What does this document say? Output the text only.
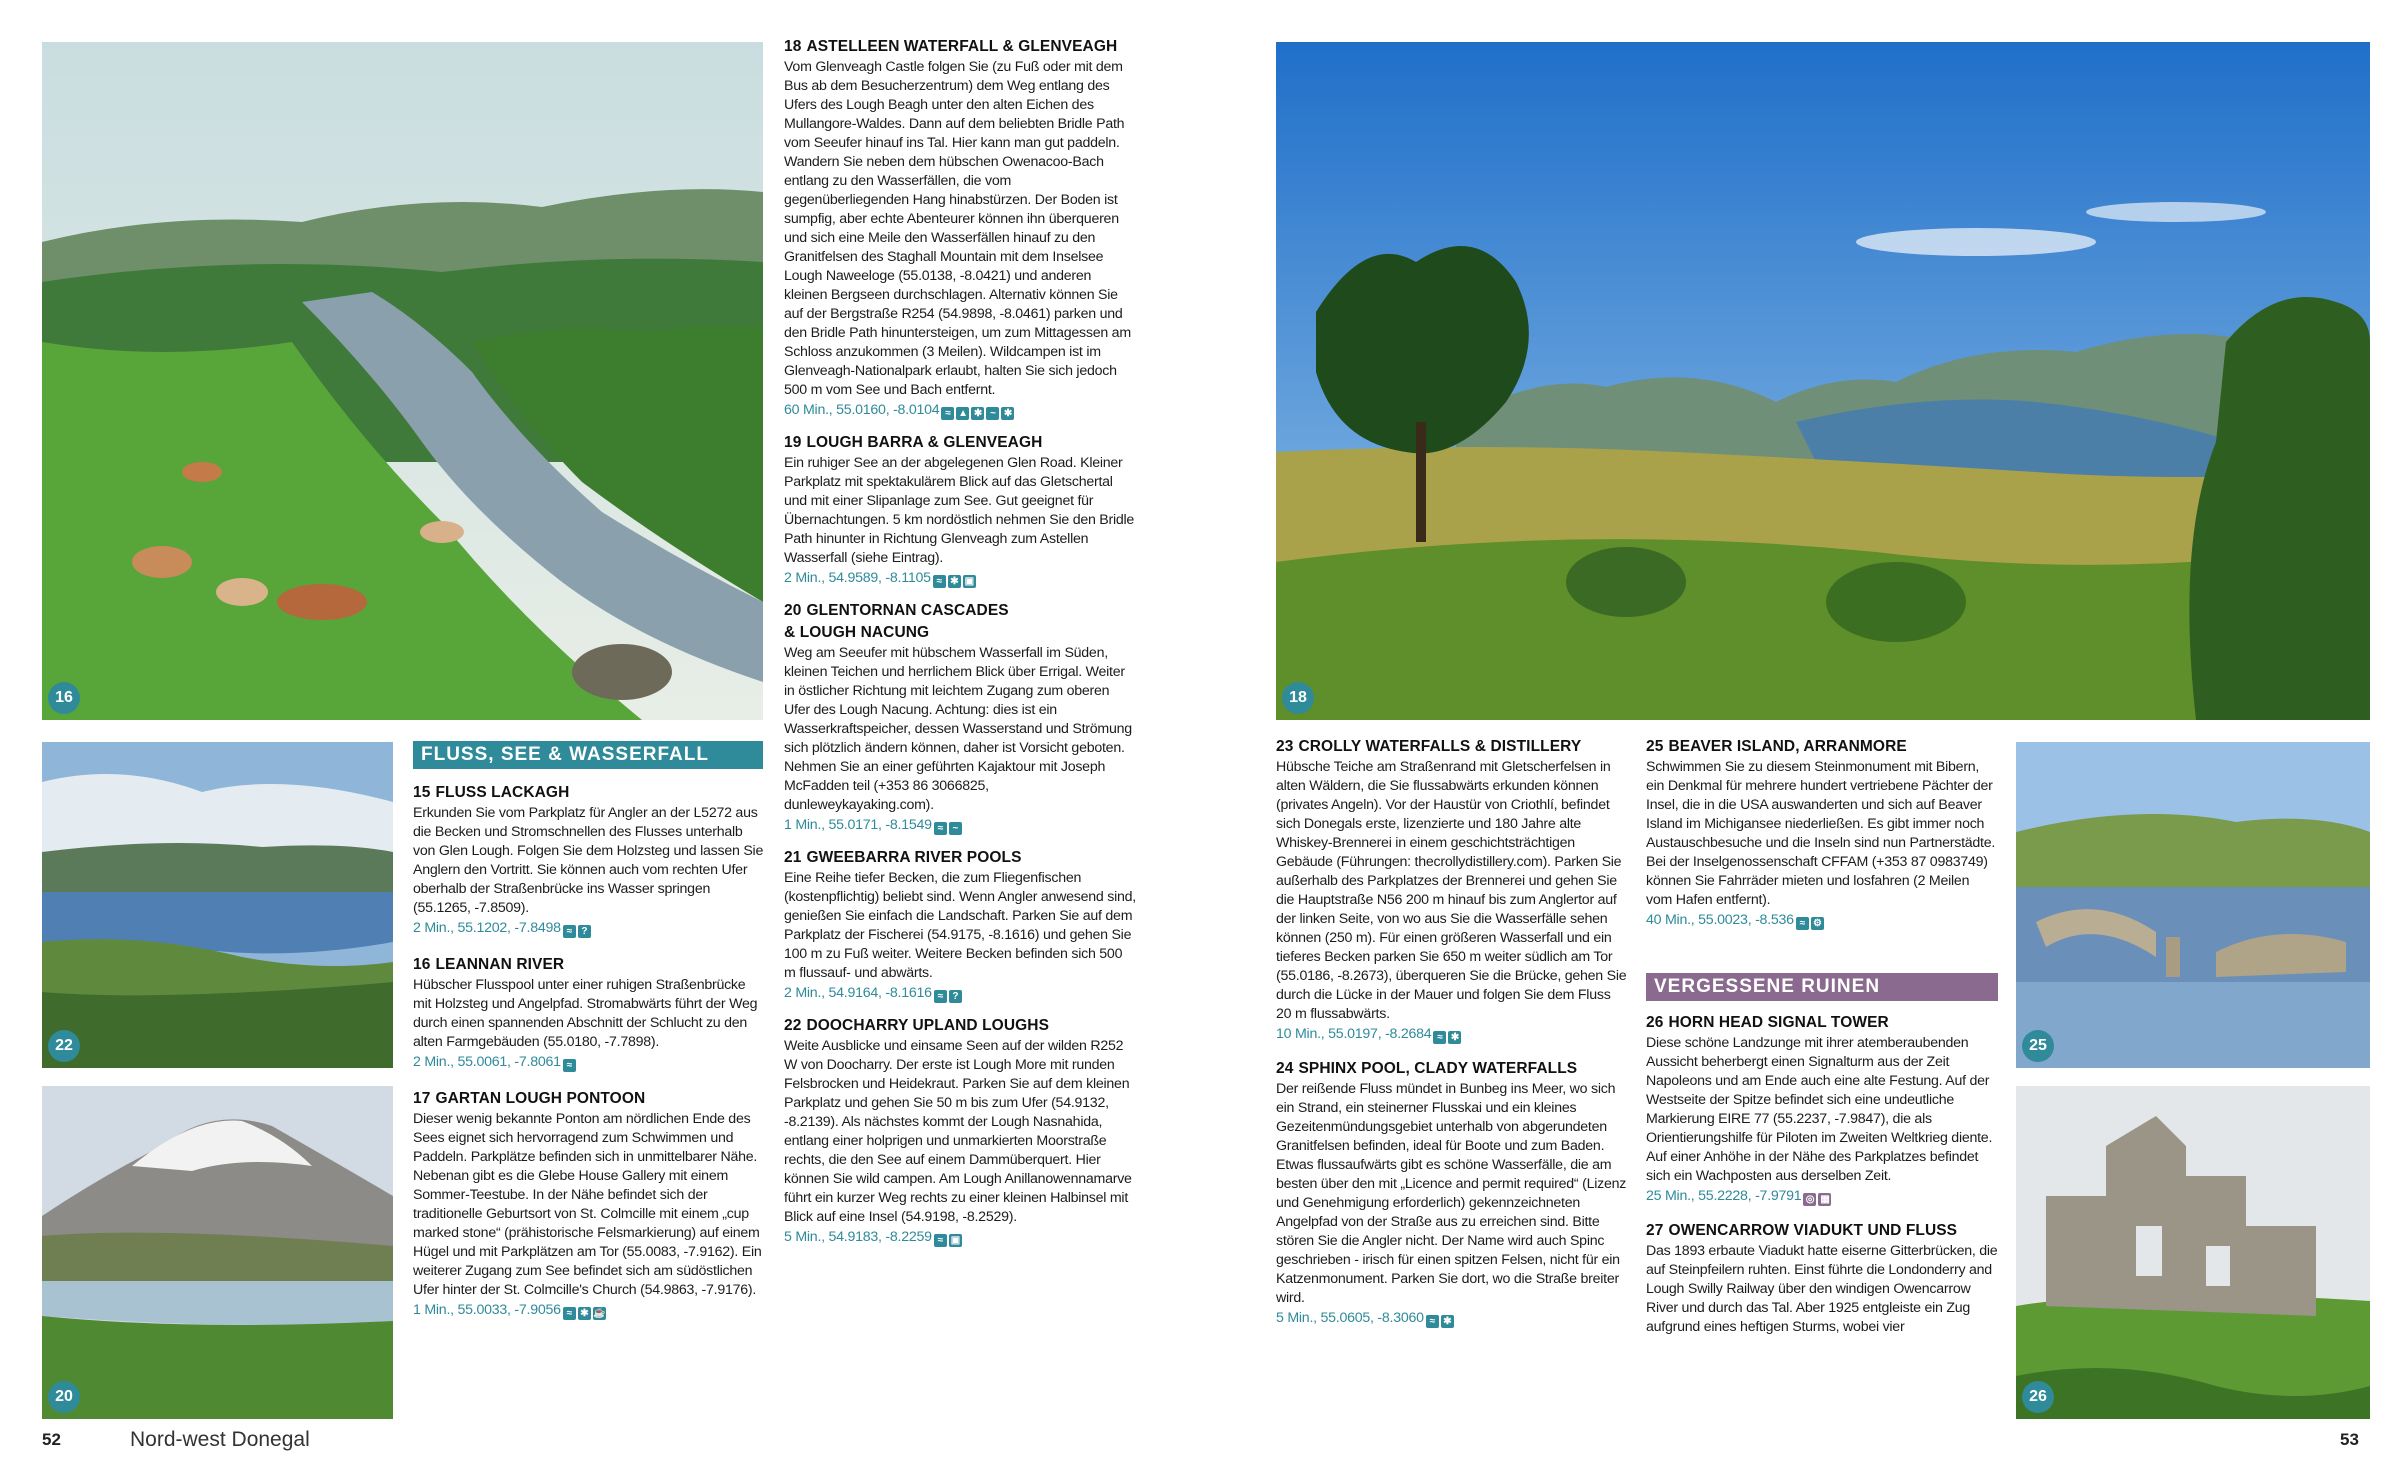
16
22
20
18
25
26
FLUSS, SEE & WASSERFALL
VERGESSENE RUINEN
15 FLUSS LACKAGH
Erkunden Sie vom Parkplatz für Angler an der L5272 aus die Becken und Stromschnellen des Flusses unterhalb von Glen Lough. Folgen Sie dem Holzsteg und lassen Sie Anglern den Vortritt. Sie können auch vom rechten Ufer oberhalb der Straßenbrücke ins Wasser springen (55.1265, -7.8509).
2 Min., 55.1202, -7.8498 ≈ ?
16 LEANNAN RIVER
Hübscher Flusspool unter einer ruhigen Straßenbrücke mit Holzsteg und Angelpfad. Stromabwärts führt der Weg durch einen spannenden Abschnitt der Schlucht zu den alten Farmgebäuden (55.0180, -7.7898).
2 Min., 55.0061, -7.8061 ≈
17 GARTAN LOUGH PONTOON
Dieser wenig bekannte Ponton am nördlichen Ende des Sees eignet sich hervorragend zum Schwimmen und Paddeln. Parkplätze befinden sich in unmittelbarer Nähe. Nebenan gibt es die Glebe House Gallery mit einem Sommer-Teestube. In der Nähe befindet sich der traditionelle Geburtsort von St. Colmcille mit einem „cup marked stone“ (prähistorische Felsmarkierung) auf einem Hügel und mit Parkplätzen am Tor (55.0083, -7.9162). Ein weiterer Zugang zum See befindet sich am südöstlichen Ufer hinter der St. Colmcille's Church (54.9863, -7.9176).
1 Min., 55.0033, -7.9056 ≈ ✱ ☕
18 ASTELLEEN WATERFALL & GLENVEAGH
Vom Glenveagh Castle folgen Sie (zu Fuß oder mit dem Bus ab dem Besucherzentrum) dem Weg entlang des Ufers des Lough Beagh unter den alten Eichen des Mullangore-Waldes. Dann auf dem beliebten Bridle Path vom Seeufer hinauf ins Tal. Hier kann man gut paddeln. Wandern Sie neben dem hübschen Owenacoo-Bach entlang zu den Wasserfällen, die vom gegenüberliegenden Hang hinabstürzen. Der Boden ist sumpfig, aber echte Abenteurer können ihn überqueren und sich eine Meile den Wasserfällen hinauf zu den Granitfelsen des Staghall Mountain mit dem Inselsee Lough Naweeloge (55.0138, -8.0421) und anderen kleinen Bergseen durchschlagen. Alternativ können Sie auf der Bergstraße R254 (54.9898, -8.0461) parken und den Bridle Path hinuntersteigen, um zum Mittagessen am Schloss anzukommen (3 Meilen). Wildcampen ist im Glenveagh-Nationalpark erlaubt, halten Sie sich jedoch 500 m vom See und Bach entfernt.
60 Min., 55.0160, -8.0104 ≈ ▲ ✱ ~ ✱
19 LOUGH BARRA & GLENVEAGH
Ein ruhiger See an der abgelegenen Glen Road. Kleiner Parkplatz mit spektakulärem Blick auf das Gletschertal und mit einer Slipanlage zum See. Gut geeignet für Übernachtungen. 5 km nordöstlich nehmen Sie den Bridle Path hinunter in Richtung Glenveagh zum Astellen Wasserfall (siehe Eintrag).
2 Min., 54.9589, -8.1105 ≈ ✱ ▣
20 GLENTORNAN CASCADES
& LOUGH NACUNG
Weg am Seeufer mit hübschem Wasserfall im Süden, kleinen Teichen und herrlichem Blick über Errigal. Weiter in östlicher Richtung mit leichtem Zugang zum oberen Ufer des Lough Nacung. Achtung: dies ist ein Wasserkraftspeicher, dessen Wasserstand und Strömung sich plötzlich ändern können, daher ist Vorsicht geboten. Nehmen Sie an einer geführten Kajaktour mit Joseph McFadden teil (+353 86 3066825, dunleweykayaking.com).
1 Min., 55.0171, -8.1549 ≈ ~
21 GWEEBARRA RIVER POOLS
Eine Reihe tiefer Becken, die zum Fliegenfischen (kostenpflichtig) beliebt sind. Wenn Angler anwesend sind, genießen Sie einfach die Landschaft. Parken Sie auf dem Parkplatz der Fischerei (54.9175, -8.1616) und gehen Sie 100 m zu Fuß weiter. Weitere Becken befinden sich 500 m flussauf- und abwärts.
2 Min., 54.9164, -8.1616 ≈ ?
22 DOOCHARRY UPLAND LOUGHS
Weite Ausblicke und einsame Seen auf der wilden R252 W von Doocharry. Der erste ist Lough More mit runden Felsbrocken und Heidekraut. Parken Sie auf dem kleinen Parkplatz und gehen Sie 50 m bis zum Ufer (54.9132, -8.2139). Als nächstes kommt der Lough Nasnahida, entlang einer holprigen und unmarkierten Moorstraße rechts, die den See auf einem Dammüberquert. Hier können Sie wild campen. Am Lough Anillanowennamarve führt ein kurzer Weg rechts zu einer kleinen Halbinsel mit Blick auf eine Insel (54.9198, -8.2529).
5 Min., 54.9183, -8.2259 ≈ ▣
23 CROLLY WATERFALLS & DISTILLERY
Hübsche Teiche am Straßenrand mit Gletscherfelsen in alten Wäldern, die Sie flussabwärts erkunden können (privates Angeln). Vor der Haustür von Criothlí, befindet sich Donegals erste, lizenzierte und 180 Jahre alte Whiskey-Brennerei in einem geschichtsträchtigen Gebäude (Führungen: thecrollydistillery.com). Parken Sie außerhalb des Parkplatzes der Brennerei und gehen Sie die Hauptstraße N56 200 m hinauf bis zum Anglertor auf der linken Seite, von wo aus Sie die Wasserfälle sehen können (250 m). Für einen größeren Wasserfall und ein tieferes Becken parken Sie 650 m weiter südlich am Tor (55.0186, -8.2673), überqueren Sie die Brücke, gehen Sie durch die Lücke in der Mauer und folgen Sie dem Fluss 20 m flussabwärts.
10 Min., 55.0197, -8.2684 ≈ ✱
24 SPHINX POOL, CLADY WATERFALLS
Der reißende Fluss mündet in Bunbeg ins Meer, wo sich ein Strand, ein steinerner Flusskai und ein kleines Gezeitenmündungsgebiet unterhalb von abgerundeten Granitfelsen befinden, ideal für Boote und zum Baden. Etwas flussaufwärts gibt es schöne Wasserfälle, die am besten über den mit „Licence and permit required“ (Lizenz und Genehmigung erforderlich) gekennzeichneten Angelpfad von der Straße aus zu erreichen sind. Bitte stören Sie die Angler nicht. Der Name wird auch Spinc geschrieben - irisch für einen spitzen Felsen, nicht für ein Katzenmonument. Parken Sie dort, wo die Straße breiter wird.
5 Min., 55.0605, -8.3060 ≈ ✱
25 BEAVER ISLAND, ARRANMORE
Schwimmen Sie zu diesem Steinmonument mit Bibern, ein Denkmal für mehrere hundert vertriebene Pächter der Insel, die in die USA auswanderten und sich auf Beaver Island im Michigansee niederließen. Es gibt immer noch Austauschbesuche und die Inseln sind nun Partnerstädte. Bei der Inselgenossenschaft CFFAM (+353 87 0983749) können Sie Fahrräder mieten und losfahren (2 Meilen vom Hafen entfernt).
40 Min., 55.0023, -8.536 ≈ ⚙
26 HORN HEAD SIGNAL TOWER
Diese schöne Landzunge mit ihrer atemberaubenden Aussicht beherbergt einen Signalturm aus der Zeit Napoleons und am Ende auch eine alte Festung. Auf der Westseite der Spitze befindet sich eine undeutliche Markierung EIRE 77 (55.2237, -7.9847), die als Orientierungshilfe für Piloten im Zweiten Weltkrieg diente. Auf einer Anhöhe in der Nähe des Parkplatzes befindet sich ein Wachposten aus derselben Zeit.
25 Min., 55.2228, -7.9791 ◎ ▦
27 OWENCARROW VIADUKT UND FLUSS
Das 1893 erbaute Viadukt hatte eiserne Gitterbrücken, die auf Steinpfeilern ruhten. Einst führte die Londonderry and Lough Swilly Railway über den windigen Owencarrow River und durch das Tal. Aber 1925 entgleiste ein Zug aufgrund eines heftigen Sturms, wobei vier
52	Nord-west Donegal	53
